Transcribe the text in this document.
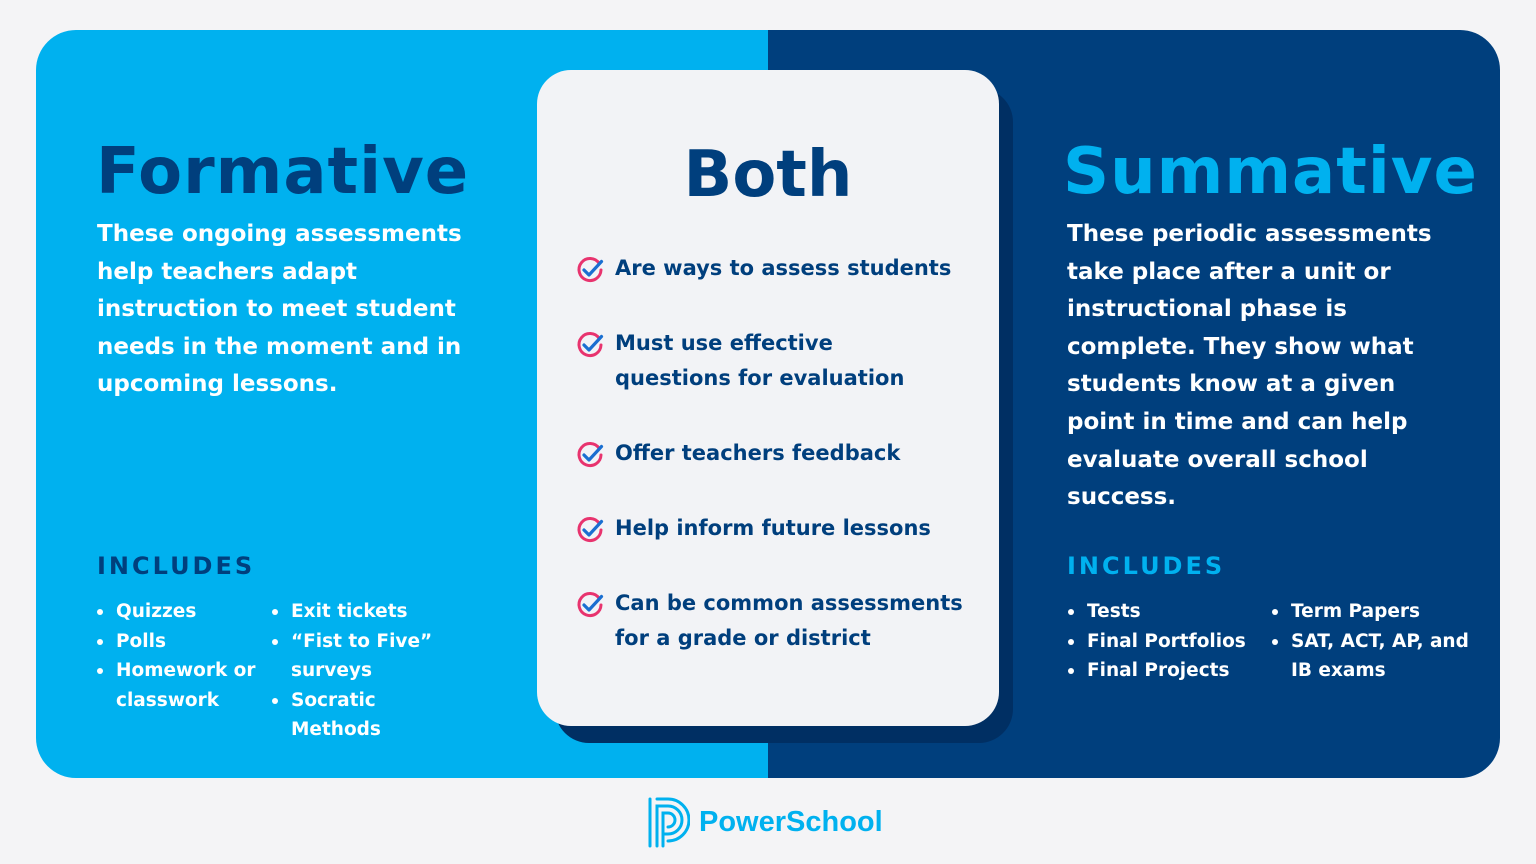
Formative

These ongoing assessments help teachers adapt instruction to meet student needs in the moment and in upcoming lessons.

INCLUDES
Quizzes
Polls
Homework or classwork
Exit tickets
“Fist to Five” surveys
Socratic Methods
Summative

These periodic assessments take place after a unit or instructional phase is complete. They show what students know at a given point in time and can help evaluate overall school success.

INCLUDES
Tests
Final Portfolios
Final Projects
Term Papers
SAT, ACT, AP, and IB exams
Both

Are ways to assess students

Must use effective questions for evaluation

Offer teachers feedback

Help inform future lessons

Can be common assessments for a grade or district

PowerSchool
